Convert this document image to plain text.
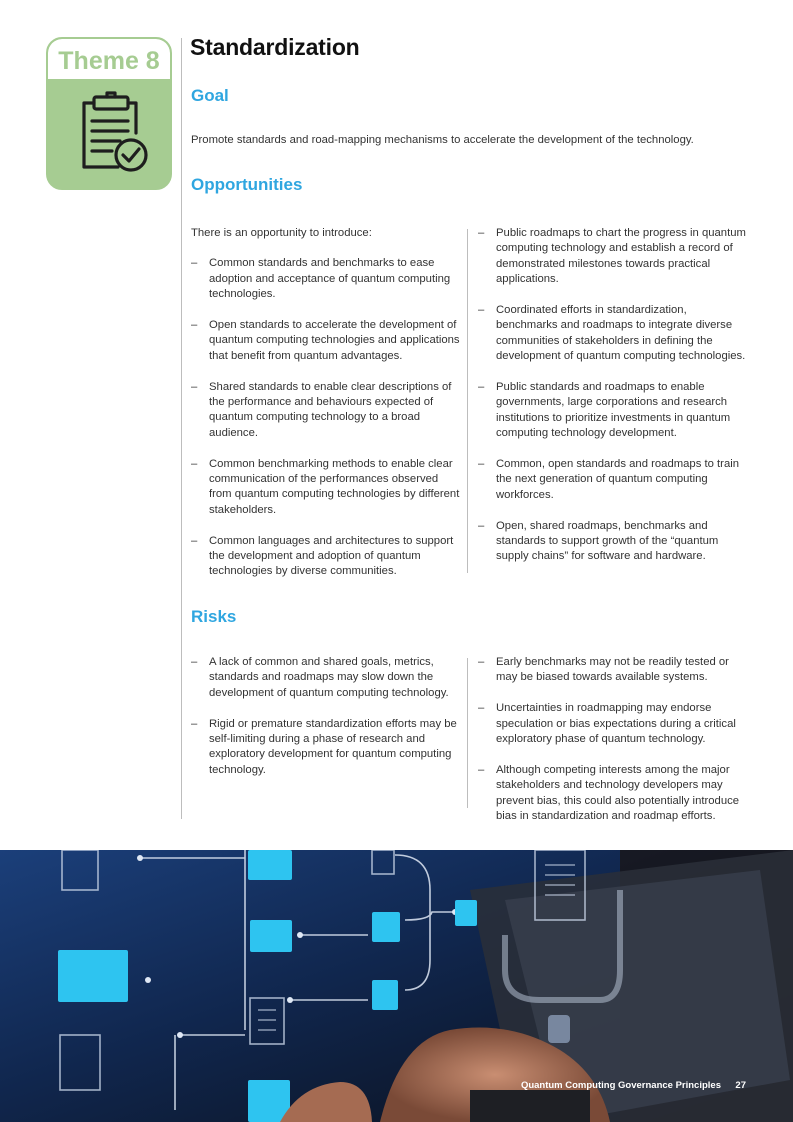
Theme 8	Standardization
Goal

Promote standards and road-mapping mechanisms to accelerate the development of the technology.

Opportunities

There is an opportunity to introduce:

– Common standards and benchmarks to ease adoption and acceptance of quantum computing technologies.
– Open standards to accelerate the development of quantum computing technologies and applications that benefit from quantum advantages.
– Shared standards to enable clear descriptions of the performance and behaviours expected of quantum computing technology to a broad audience.
– Common benchmarking methods to enable clear communication of the performances observed from quantum computing technologies by different stakeholders.
– Common languages and architectures to support the development and adoption of quantum technologies by diverse communities.
– Public roadmaps to chart the progress in quantum computing technology and establish a record of demonstrated milestones towards practical applications.
– Coordinated efforts in standardization, benchmarks and roadmaps to integrate diverse communities of stakeholders in defining the development of quantum computing technologies.
– Public standards and roadmaps to enable governments, large corporations and research institutions to prioritize investments in quantum computing technology development.
– Common, open standards and roadmaps to train the next generation of quantum computing workforces.
– Open, shared roadmaps, benchmarks and standards to support growth of the “quantum supply chains” for software and hardware.
Risks
– A lack of common and shared goals, metrics, standards and roadmaps may slow down the development of quantum computing technology.
– Rigid or premature standardization efforts may be self-limiting during a phase of research and exploratory development for quantum computing technology.
– Early benchmarks may not be readily tested or may be biased towards available systems.
– Uncertainties in roadmapping may endorse speculation or bias expectations during a critical exploratory phase of quantum technology.
– Although competing interests among the major stakeholders and technology developers may prevent bias, this could also potentially introduce bias in standardization and roadmap efforts.
. Quantum Computing Governance Principles 27
